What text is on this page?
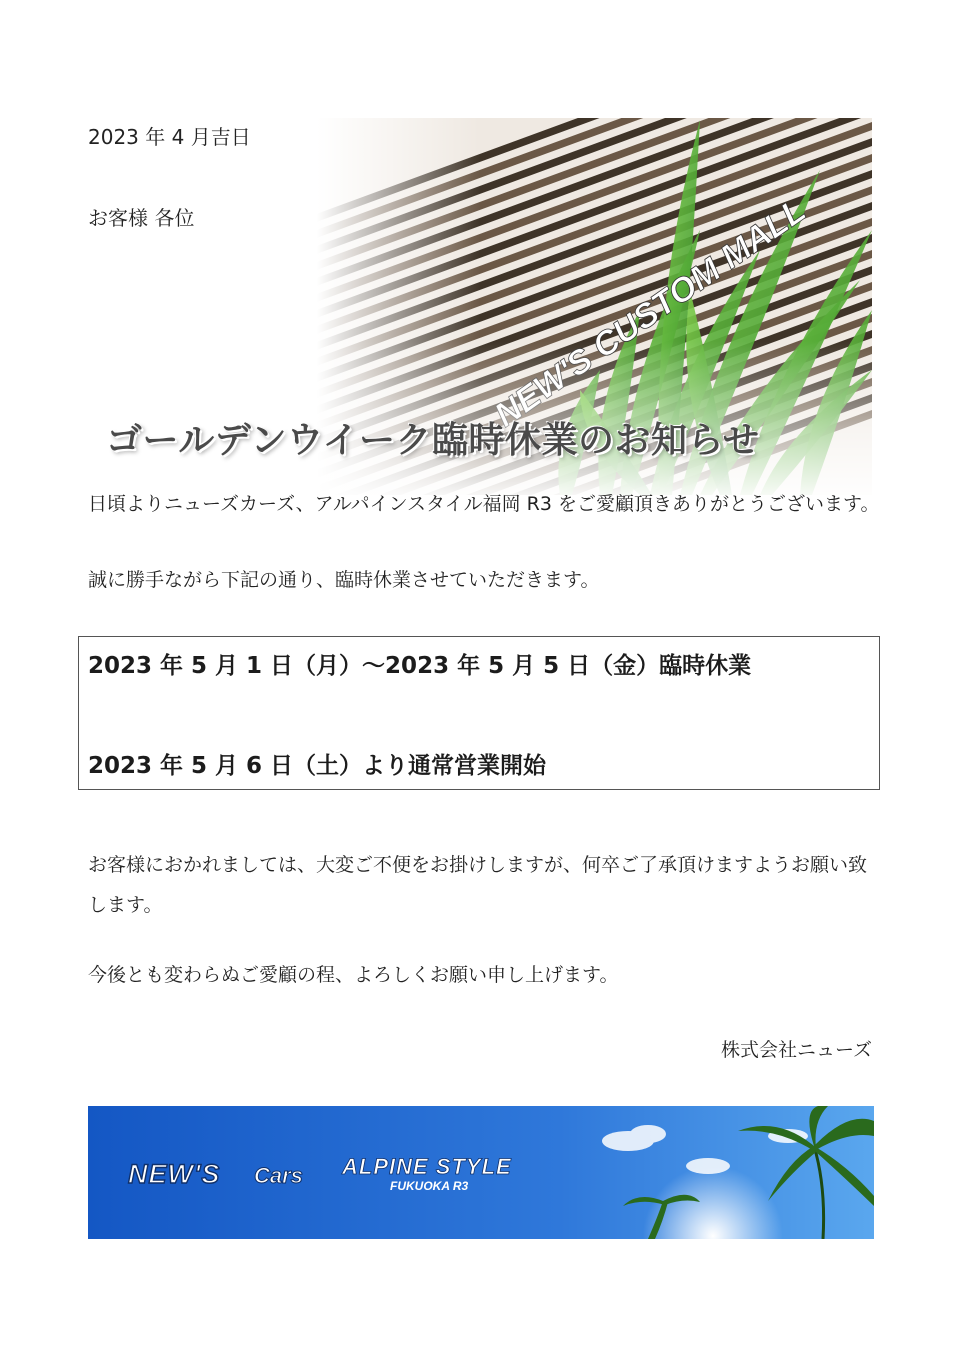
2023 年 4 月吉日
お客様 各位
ゴールデンウイーク臨時休業のお知らせ
日頃よりニューズカーズ、アルパインスタイル福岡 R3 をご愛顧頂きありがとうございます。
誠に勝手ながら下記の通り、臨時休業させていただきます。
2023 年 5 月 1 日（月）～2023 年 5 月 5 日（金）臨時休業
2023 年 5 月 6 日（土）より通常営業開始
お客様におかれましては、大変ご不便をお掛けしますが、何卒ご了承頂けますようお願い致します。
今後とも変わらぬご愛顧の程、よろしくお願い申し上げます。
株式会社ニューズ
NEW'S Cars ALPINE STYLE
FUKUOKA R3
